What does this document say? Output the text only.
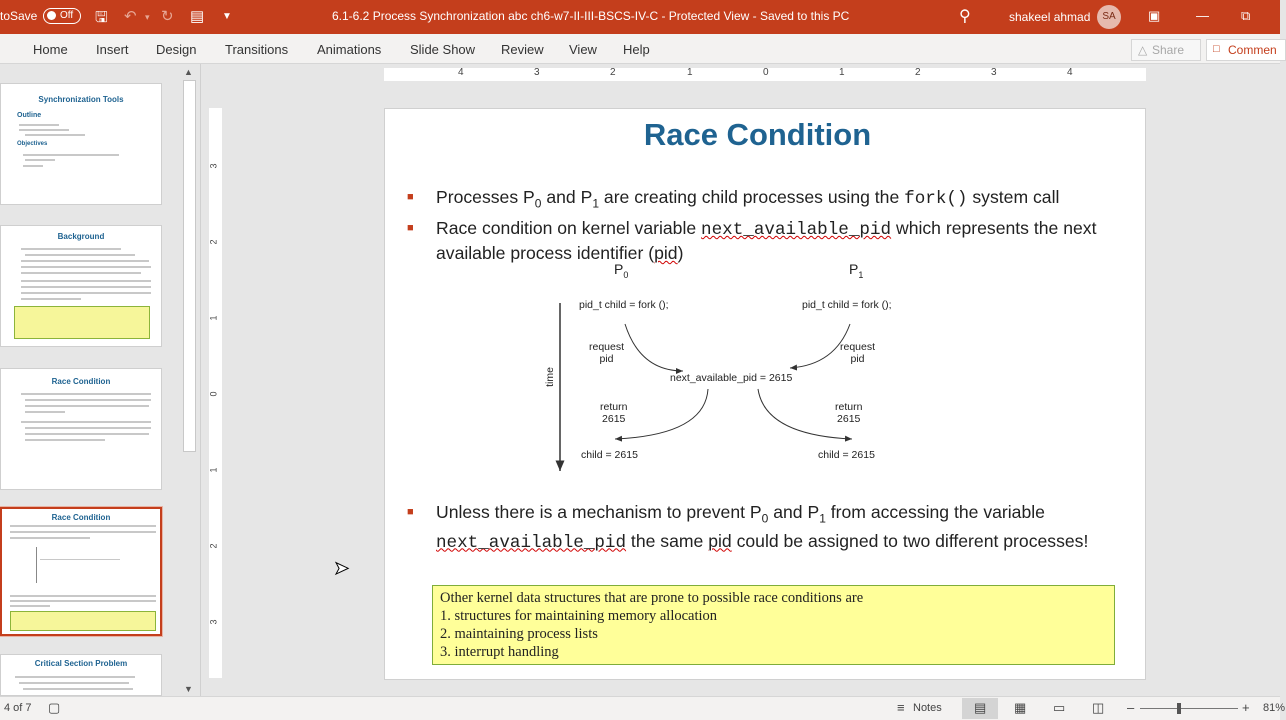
toSave Off 🖫 ↶ ▾ ↻ ▤ ▼	6.1-6.2 Process Synchronization abc ch6-w7-II-III-BSCS-IV-C - Protected View - Saved to this PC	⚲	shakeel ahmad	SA	▣	— ⧉
Home Insert Design Transitions Animations Slide Show Review View Help	△ Share	□ Commen
Synchronization Tools
Outline
Objectives
Background
Race Condition
Race Condition
Critical Section Problem
▲
▼
4	3	2	1	0	1	2	3	4
3
2
1
0
1
2
3
Race Condition
■ Processes $P_0$ and $P_1$ are creating child processes using the fork() system call
■ Race condition on kernel variable next_available_pid which represents the next available process identifier (pid)
$P_0$	$P_1$
pid_t child = fork ();	pid_t child = fork ();
request
pid
request
pid
next_available_pid = 2615
time
return
2615
return
2615
child = 2615	child = 2615
■ Unless there is a mechanism to prevent $P_0$ and $P_1$ from accessing the variable next_available_pid the same pid could be assigned to two different processes!
Other kernel data structures that are prone to possible race conditions are
1. structures for maintaining memory allocation
2. maintaining process lists
3. interrupt handling
➤
4 of 7 ▢	≡ Notes ▤ ▦ ▭ ◫ –	+ 81%
